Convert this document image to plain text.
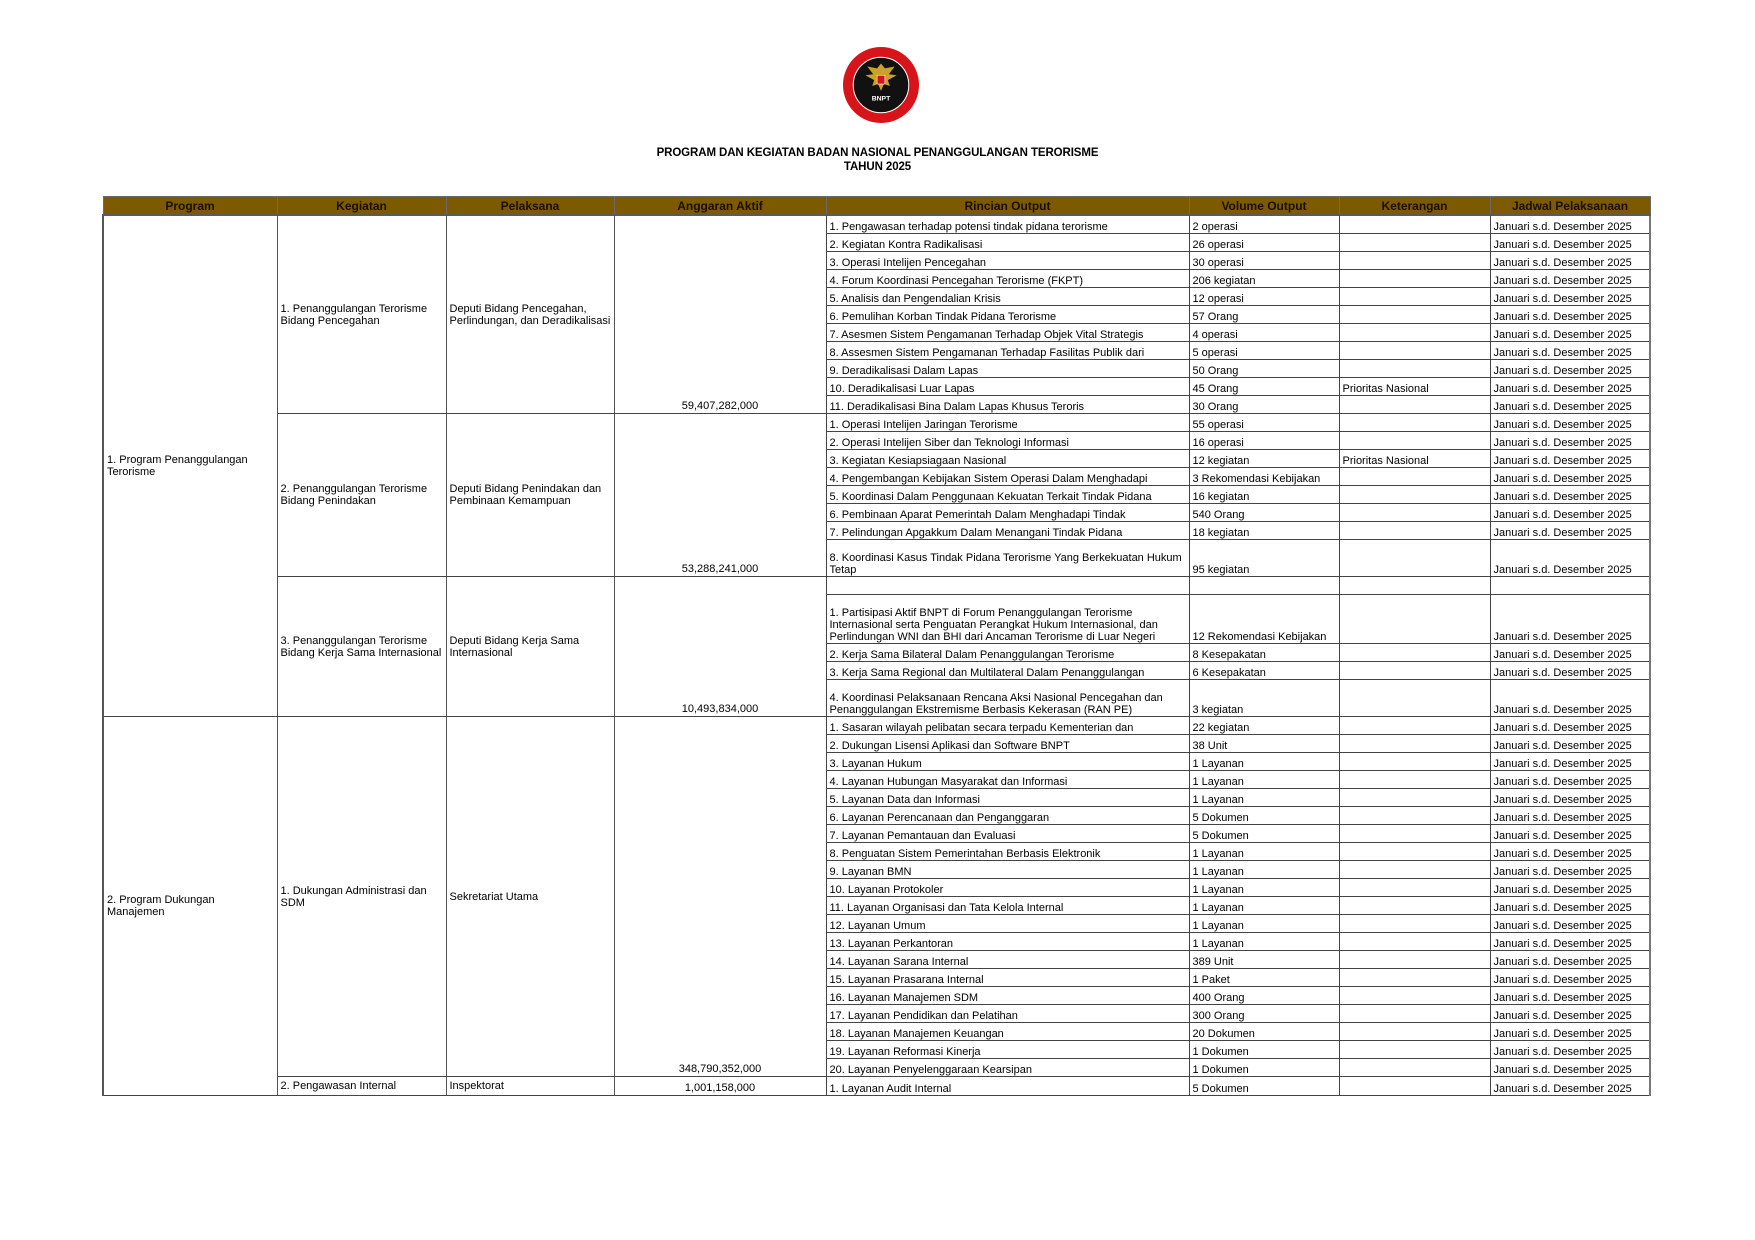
BNPT
PROGRAM DAN KEGIATAN BADAN NASIONAL PENANGGULANGAN TERORISME
TAHUN 2025
Program	Kegiatan	Pelaksana	Anggaran Aktif	Rincian Output	Volume Output	Keterangan	Jadwal Pelaksanaan
1. Program Penanggulangan Terorisme	1. Penanggulangan Terorisme Bidang Pencegahan	Deputi Bidang Pencegahan, Perlindungan, dan Deradikalisasi	59,407,282,000	1. Pengawasan terhadap potensi tindak pidana terorisme	2 operasi		Januari s.d. Desember 2025
				2. Kegiatan Kontra Radikalisasi	26 operasi		Januari s.d. Desember 2025
				3. Operasi Intelijen Pencegahan	30 operasi		Januari s.d. Desember 2025
				4. Forum Koordinasi Pencegahan Terorisme (FKPT)	206 kegiatan		Januari s.d. Desember 2025
				5. Analisis dan Pengendalian Krisis	12 operasi		Januari s.d. Desember 2025
				6. Pemulihan Korban Tindak Pidana Terorisme	57 Orang		Januari s.d. Desember 2025
				7. Asesmen Sistem Pengamanan Terhadap Objek Vital Strategis	4 operasi		Januari s.d. Desember 2025
				8. Assesmen Sistem Pengamanan Terhadap Fasilitas Publik dari	5 operasi		Januari s.d. Desember 2025
				9. Deradikalisasi Dalam Lapas	50 Orang		Januari s.d. Desember 2025
				10. Deradikalisasi Luar Lapas	45 Orang	Prioritas Nasional	Januari s.d. Desember 2025
				11. Deradikalisasi Bina Dalam Lapas Khusus Teroris	30 Orang		Januari s.d. Desember 2025
	2. Penanggulangan Terorisme Bidang Penindakan	Deputi Bidang Penindakan dan Pembinaan Kemampuan	53,288,241,000	1. Operasi Intelijen Jaringan Terorisme	55 operasi		Januari s.d. Desember 2025
				2. Operasi Intelijen Siber dan Teknologi Informasi	16 operasi		Januari s.d. Desember 2025
				3. Kegiatan Kesiapsiagaan Nasional	12 kegiatan	Prioritas Nasional	Januari s.d. Desember 2025
				4. Pengembangan Kebijakan Sistem Operasi Dalam Menghadapi	3 Rekomendasi Kebijakan		Januari s.d. Desember 2025
				5. Koordinasi Dalam Penggunaan Kekuatan Terkait Tindak Pidana	16 kegiatan		Januari s.d. Desember 2025
				6. Pembinaan Aparat Pemerintah Dalam Menghadapi Tindak	540 Orang		Januari s.d. Desember 2025
				7. Pelindungan Apgakkum Dalam Menangani Tindak Pidana	18 kegiatan		Januari s.d. Desember 2025
				8. Koordinasi Kasus Tindak Pidana Terorisme Yang Berkekuatan Hukum Tetap	95 kegiatan		Januari s.d. Desember 2025
	3. Penanggulangan Terorisme Bidang Kerja Sama Internasional	Deputi Bidang Kerja Sama Internasional	10,493,834,000				
				1. Partisipasi Aktif BNPT di Forum Penanggulangan Terorisme Internasional serta Penguatan Perangkat Hukum Internasional, dan Perlindungan WNI dan BHI dari Ancaman Terorisme di Luar Negeri	12 Rekomendasi Kebijakan		Januari s.d. Desember 2025
				2. Kerja Sama Bilateral Dalam Penanggulangan Terorisme	8 Kesepakatan		Januari s.d. Desember 2025
				3. Kerja Sama Regional dan Multilateral Dalam Penanggulangan	6 Kesepakatan		Januari s.d. Desember 2025
				4. Koordinasi Pelaksanaan Rencana Aksi Nasional Pencegahan dan Penanggulangan Ekstremisme Berbasis Kekerasan (RAN PE)	3 kegiatan		Januari s.d. Desember 2025
2. Program Dukungan Manajemen	1. Dukungan Administrasi dan SDM	Sekretariat Utama	348,790,352,000	1. Sasaran wilayah pelibatan secara terpadu Kementerian dan	22 kegiatan		Januari s.d. Desember 2025
				2. Dukungan Lisensi Aplikasi dan Software BNPT	38 Unit		Januari s.d. Desember 2025
				3. Layanan Hukum	1 Layanan		Januari s.d. Desember 2025
				4. Layanan Hubungan Masyarakat dan Informasi	1 Layanan		Januari s.d. Desember 2025
				5. Layanan Data dan Informasi	1 Layanan		Januari s.d. Desember 2025
				6. Layanan Perencanaan dan Penganggaran	5 Dokumen		Januari s.d. Desember 2025
				7. Layanan Pemantauan dan Evaluasi	5 Dokumen		Januari s.d. Desember 2025
				8. Penguatan Sistem Pemerintahan Berbasis Elektronik	1 Layanan		Januari s.d. Desember 2025
				9. Layanan BMN	1 Layanan		Januari s.d. Desember 2025
				10. Layanan Protokoler	1 Layanan		Januari s.d. Desember 2025
				11. Layanan Organisasi dan Tata Kelola Internal	1 Layanan		Januari s.d. Desember 2025
				12. Layanan Umum	1 Layanan		Januari s.d. Desember 2025
				13. Layanan Perkantoran	1 Layanan		Januari s.d. Desember 2025
				14. Layanan Sarana Internal	389 Unit		Januari s.d. Desember 2025
				15. Layanan Prasarana Internal	1 Paket		Januari s.d. Desember 2025
				16. Layanan Manajemen SDM	400 Orang		Januari s.d. Desember 2025
				17. Layanan Pendidikan dan Pelatihan	300 Orang		Januari s.d. Desember 2025
				18. Layanan Manajemen Keuangan	20 Dokumen		Januari s.d. Desember 2025
				19. Layanan Reformasi Kinerja	1 Dokumen		Januari s.d. Desember 2025
				20. Layanan Penyelenggaraan Kearsipan	1 Dokumen		Januari s.d. Desember 2025
	2. Pengawasan Internal	Inspektorat	1,001,158,000	1. Layanan Audit Internal	5 Dokumen		Januari s.d. Desember 2025
